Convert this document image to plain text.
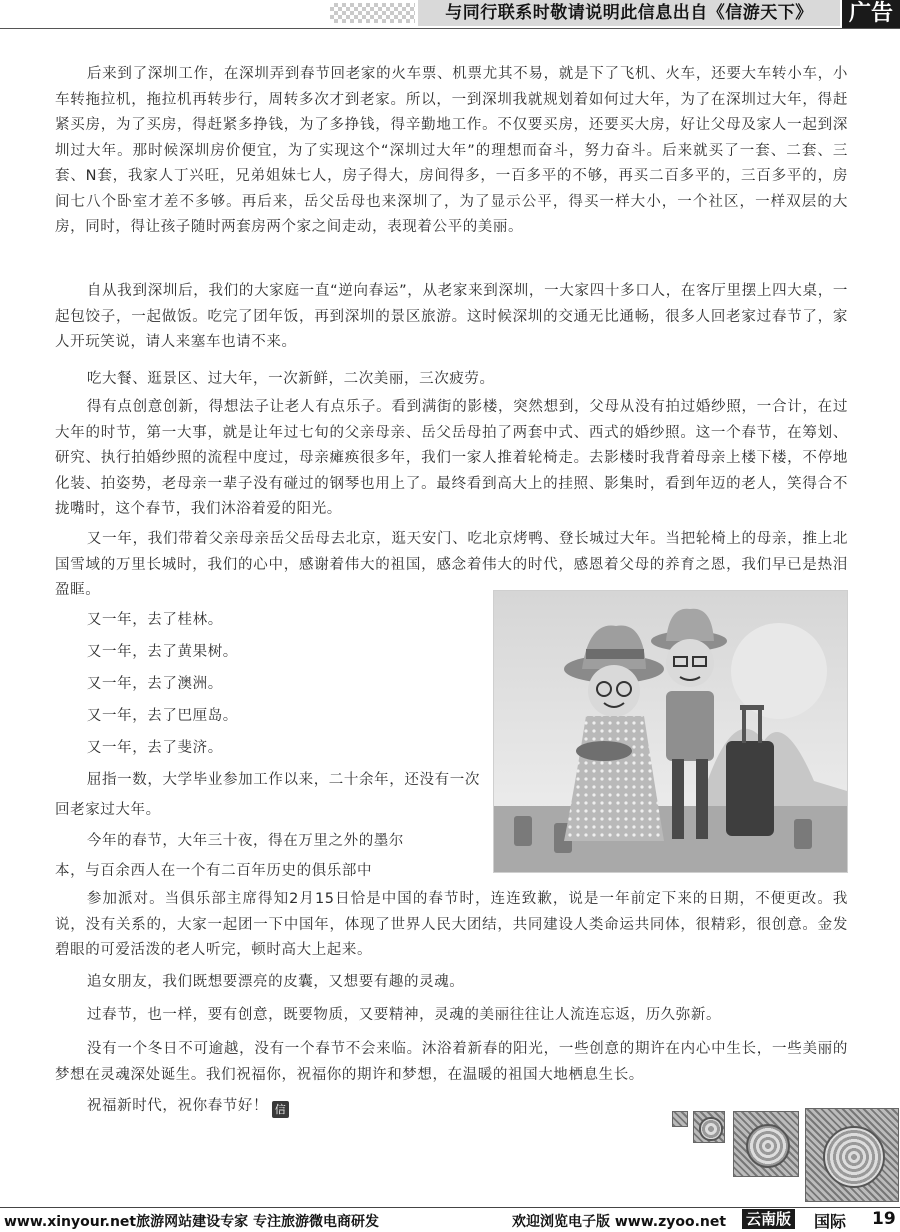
与同行联系时敬请说明此信息出自《信游天下》	广告

后来到了深圳工作，在深圳弄到春节回老家的火车票、机票尤其不易，就是下了飞机、火车，还要大车转小车，小车转拖拉机，拖拉机再转步行，周转多次才到老家。所以，一到深圳我就规划着如何过大年，为了在深圳过大年，得赶紧买房，为了买房，得赶紧多挣钱，为了多挣钱，得辛勤地工作。不仅要买房，还要买大房，好让父母及家人一起到深圳过大年。那时候深圳房价便宜，为了实现这个“深圳过大年”的理想而奋斗，努力奋斗。后来就买了一套、二套、三套、N套，我家人丁兴旺，兄弟姐妹七人，房子得大，房间得多，一百多平的不够，再买二百多平的，三百多平的，房间七八个卧室才差不多够。再后来，岳父岳母也来深圳了，为了显示公平，得买一样大小，一个社区，一样双层的大房，同时，得让孩子随时两套房两个家之间走动，表现着公平的美丽。

自从我到深圳后，我们的大家庭一直“逆向春运”，从老家来到深圳，一大家四十多口人，在客厅里摆上四大桌，一起包饺子，一起做饭。吃完了团年饭，再到深圳的景区旅游。这时候深圳的交通无比通畅，很多人回老家过春节了，家人开玩笑说，请人来塞车也请不来。

吃大餐、逛景区、过大年，一次新鲜，二次美丽，三次疲劳。

得有点创意创新，得想法子让老人有点乐子。看到满街的影楼，突然想到，父母从没有拍过婚纱照，一合计，在过大年的时节，第一大事，就是让年过七旬的父亲母亲、岳父岳母拍了两套中式、西式的婚纱照。这一个春节，在筹划、研究、执行拍婚纱照的流程中度过，母亲瘫痪很多年，我们一家人推着轮椅走。去影楼时我背着母亲上楼下楼，不停地化装、拍姿势，老母亲一辈子没有碰过的钢琴也用上了。最终看到高大上的挂照、影集时，看到年迈的老人，笑得合不拢嘴时，这个春节，我们沐浴着爱的阳光。

又一年，我们带着父亲母亲岳父岳母去北京，逛天安门、吃北京烤鸭、登长城过大年。当把轮椅上的母亲，推上北国雪域的万里长城时，我们的心中，感谢着伟大的祖国，感念着伟大的时代，感恩着父母的养育之恩，我们早已是热泪盈眶。

又一年，去了桂林。

又一年，去了黄果树。

又一年，去了澳洲。

又一年，去了巴厘岛。

又一年，去了斐济。

屈指一数，大学毕业参加工作以来，二十余年，还没有一次回老家过大年。

今年的春节，大年三十夜，得在万里之外的墨尔
本，与百余西人在一个有二百年历史的俱乐部中

参加派对。当俱乐部主席得知2月15日恰是中国的春节时，连连致歉，说是一年前定下来的日期，不便更改。我说，没有关系的，大家一起团一下中国年，体现了世界人民大团结，共同建设人类命运共同体，很精彩，很创意。金发碧眼的可爱活泼的老人听完，顿时高大上起来。

追女朋友，我们既想要漂亮的皮囊，又想要有趣的灵魂。

过春节，也一样，要有创意，既要物质，又要精神，灵魂的美丽往往让人流连忘返，历久弥新。

没有一个冬日不可逾越，没有一个春节不会来临。沐浴着新春的阳光，一些创意的期许在内心中生长，一些美丽的梦想在灵魂深处诞生。我们祝福你，祝福你的期许和梦想，在温暖的祖国大地栖息生长。

祝福新时代，祝你春节好！ 信

www.xinyour.net旅游网站建设专家 专注旅游微电商研发	欢迎浏览电子版 www.zyoo.net 云南版 国际 19
